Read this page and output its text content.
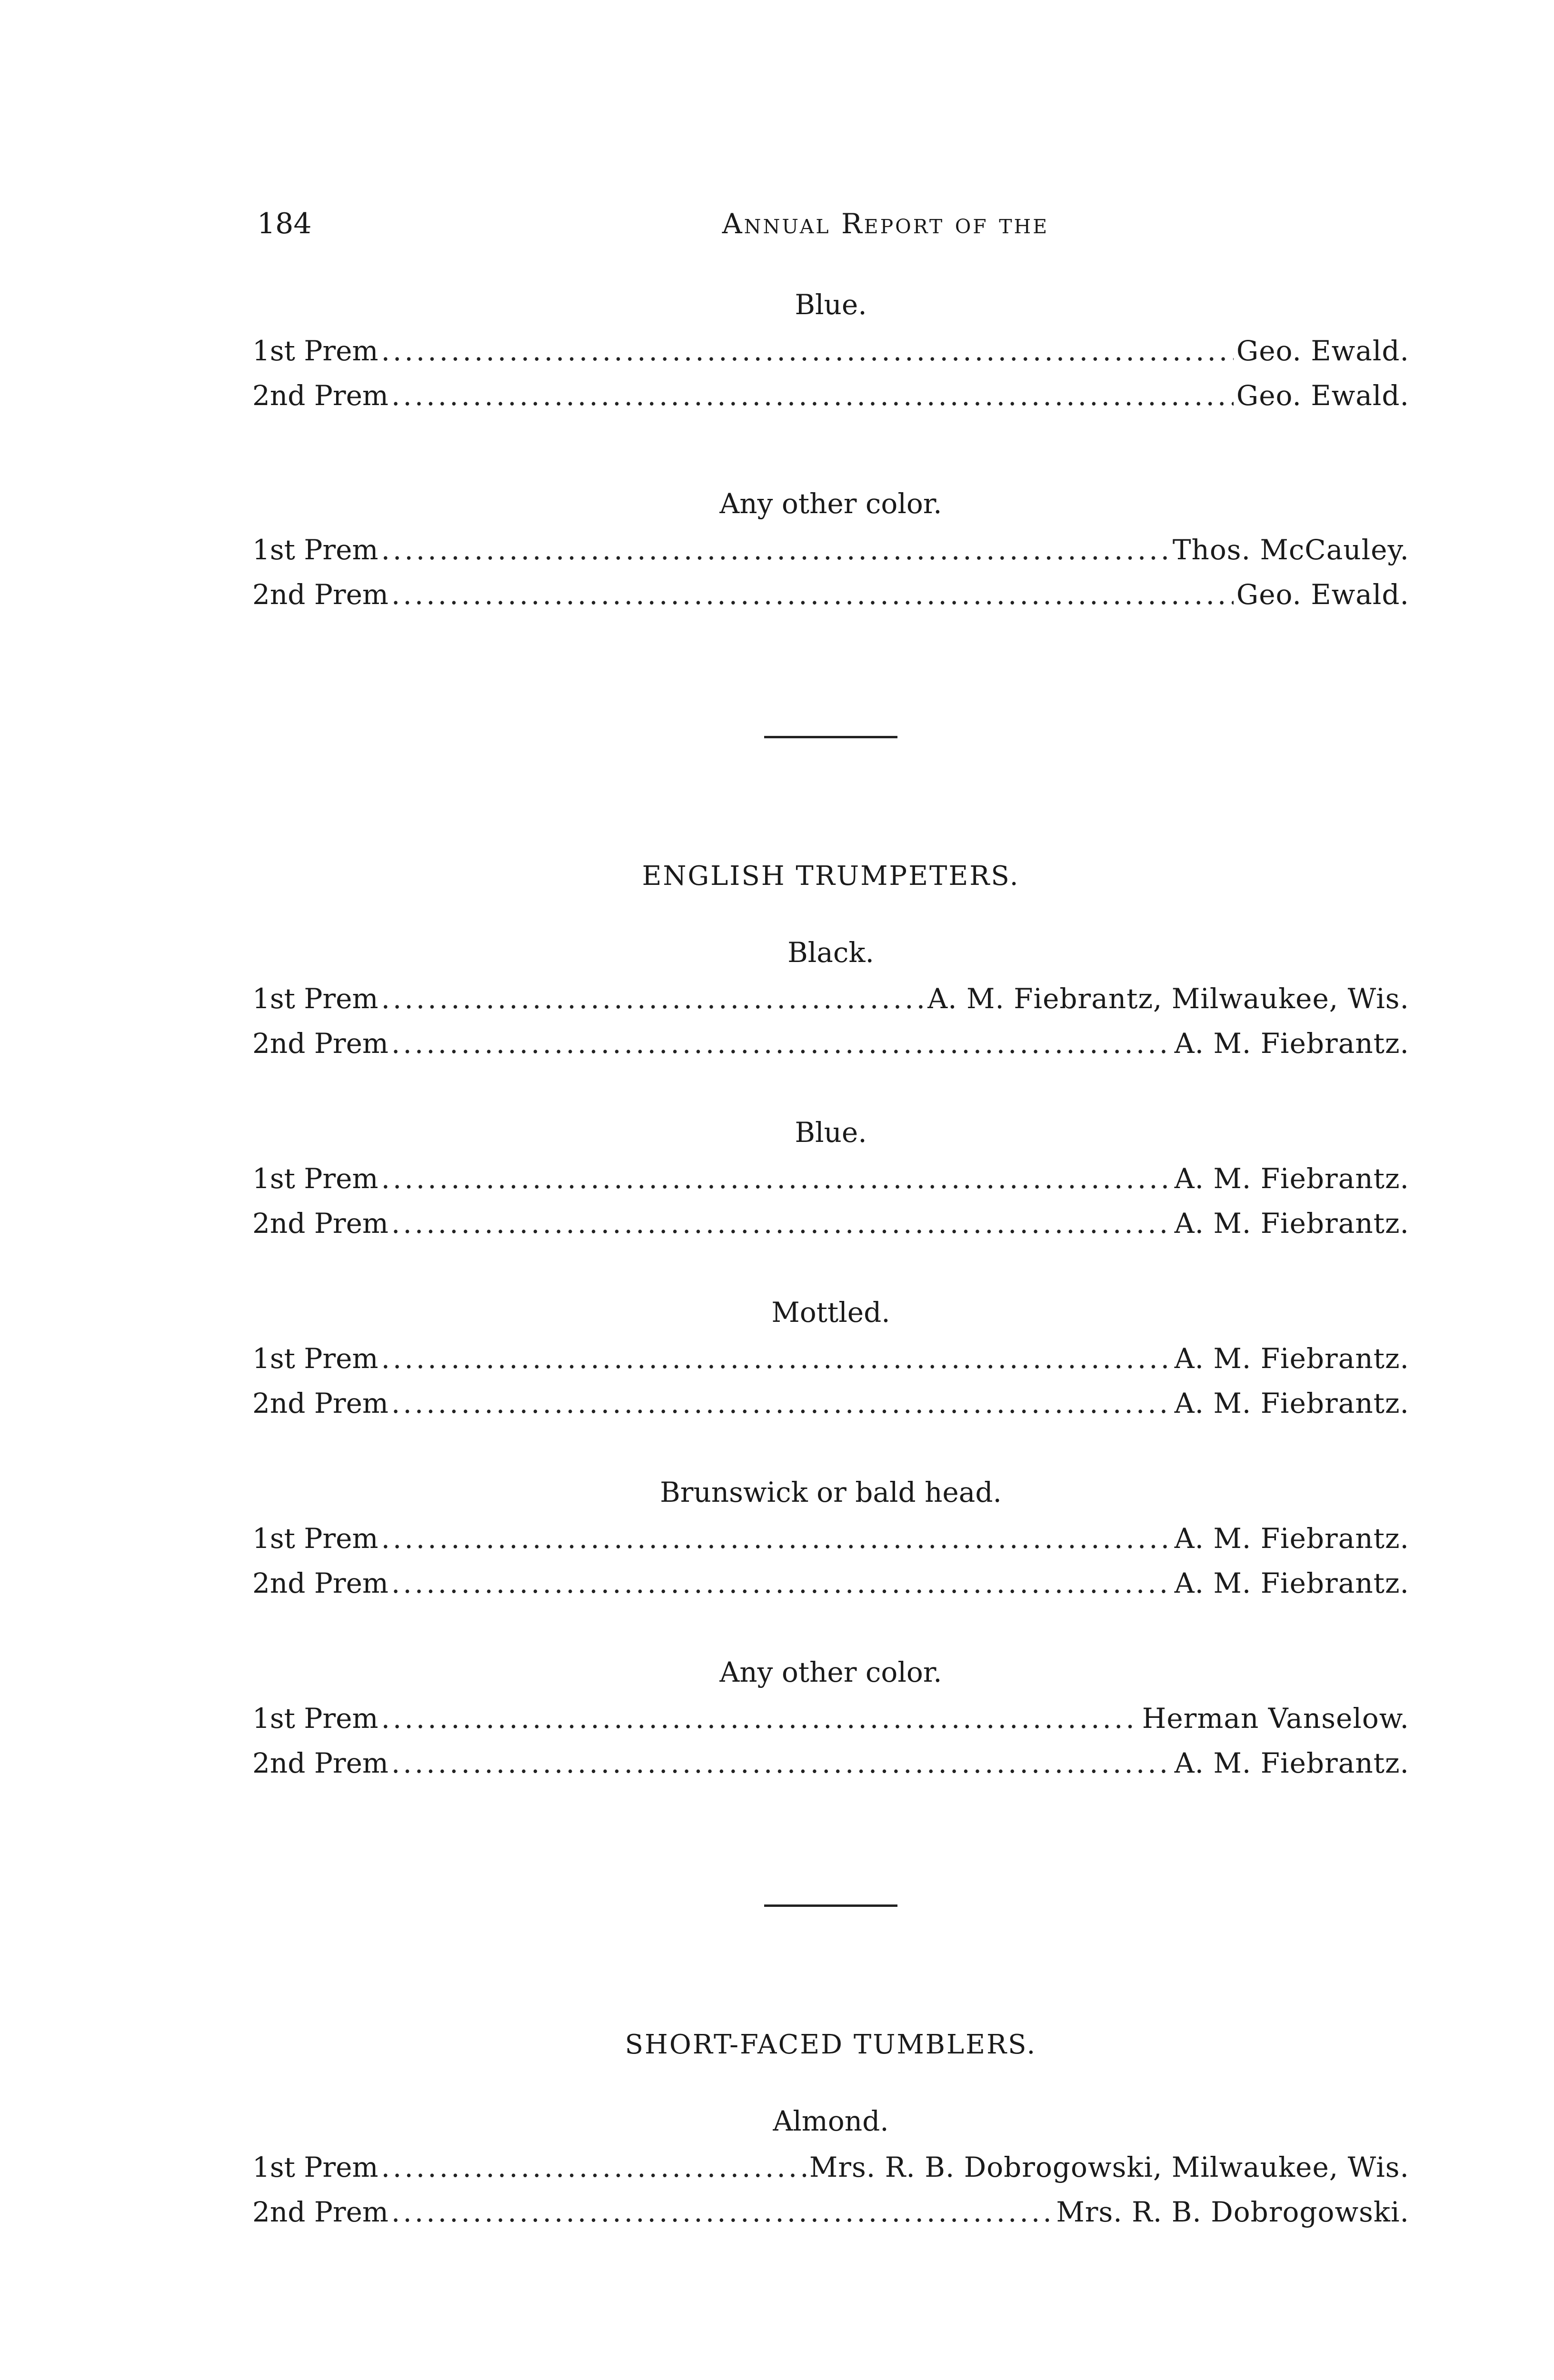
184	Annual Report of the
Blue.
1st Prem .....	Geo. Ewald.
2nd Prem .....	Geo. Ewald.
Any other color.
1st Prem .....	Thos. McCauley.
2nd Prem .....	Geo. Ewald.
ENGLISH TRUMPETERS.
Black.
1st Prem .....	A. M. Fiebrantz, Milwaukee, Wis.
2nd Prem .....	A. M. Fiebrantz.
Blue.
1st Prem .....	A. M. Fiebrantz.
2nd Prem .....	A. M. Fiebrantz.
Mottled.
1st Prem .....	A. M. Fiebrantz.
2nd Prem .....	A. M. Fiebrantz.
Brunswick or bald head.
1st Prem .....	A. M. Fiebrantz.
2nd Prem .....	A. M. Fiebrantz.
Any other color.
1st Prem .....	Herman Vanselow.
2nd Prem .....	A. M. Fiebrantz.
SHORT-FACED TUMBLERS.
Almond.
1st Prem .....	Mrs. R. B. Dobrogowski, Milwaukee, Wis.
2nd Prem .....	Mrs. R. B. Dobrogowski.
